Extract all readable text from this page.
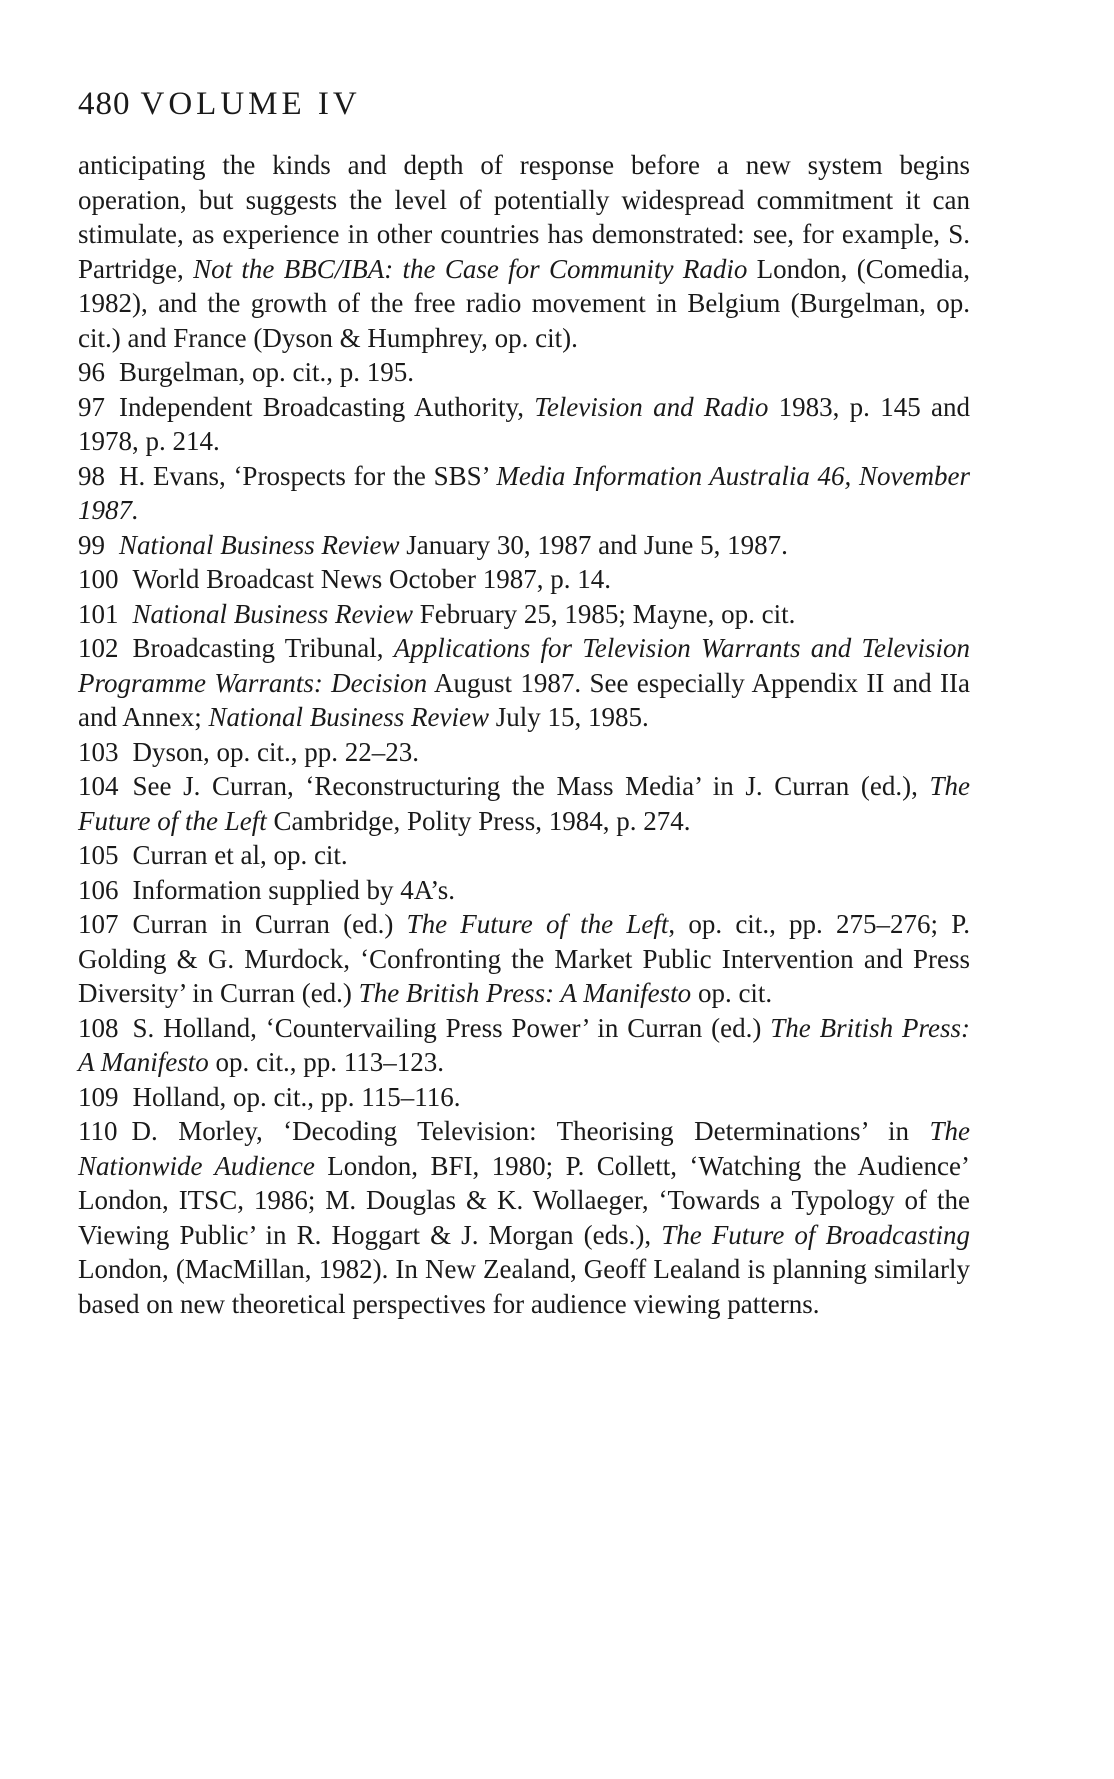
480 VOLUME IV

anticipating the kinds and depth of response before a new system begins operation, but suggests the level of potentially widespread commitment it can stimulate, as experience in other countries has demonstrated: see, for example, S. Partridge, Not the BBC/IBA: the Case for Community Radio London, (Comedia, 1982), and the growth of the free radio movement in Belgium (Burgelman, op. cit.) and France (Dyson & Humphrey, op. cit).

96 Burgelman, op. cit., p. 195.

97 Independent Broadcasting Authority, Television and Radio 1983, p. 145 and 1978, p. 214.

98 H. Evans, ‘Prospects for the SBS’ Media Information Australia 46, November 1987.

99 National Business Review January 30, 1987 and June 5, 1987.

100 World Broadcast News October 1987, p. 14.

101 National Business Review February 25, 1985; Mayne, op. cit.

102 Broadcasting Tribunal, Applications for Television Warrants and Television Programme Warrants: Decision August 1987. See especially Appendix II and IIa and Annex; National Business Review July 15, 1985.

103 Dyson, op. cit., pp. 22–23.

104 See J. Curran, ‘Reconstructuring the Mass Media’ in J. Curran (ed.), The Future of the Left Cambridge, Polity Press, 1984, p. 274.

105 Curran et al, op. cit.

106 Information supplied by 4A’s.

107 Curran in Curran (ed.) The Future of the Left, op. cit., pp. 275–276; P. Golding & G. Murdock, ‘Confronting the Market Public Intervention and Press Diversity’ in Curran (ed.) The British Press: A Manifesto op. cit.

108 S. Holland, ‘Countervailing Press Power’ in Curran (ed.) The British Press: A Manifesto op. cit., pp. 113–123.

109 Holland, op. cit., pp. 115–116.

110 D. Morley, ‘Decoding Television: Theorising Determinations’ in The Nationwide Audience London, BFI, 1980; P. Collett, ‘Watching the Audience’ London, ITSC, 1986; M. Douglas & K. Wollaeger, ‘Towards a Typology of the Viewing Public’ in R. Hoggart & J. Morgan (eds.), The Future of Broadcasting London, (MacMillan, 1982). In New Zealand, Geoff Lealand is planning similarly based on new theoretical perspectives for audience viewing patterns.
